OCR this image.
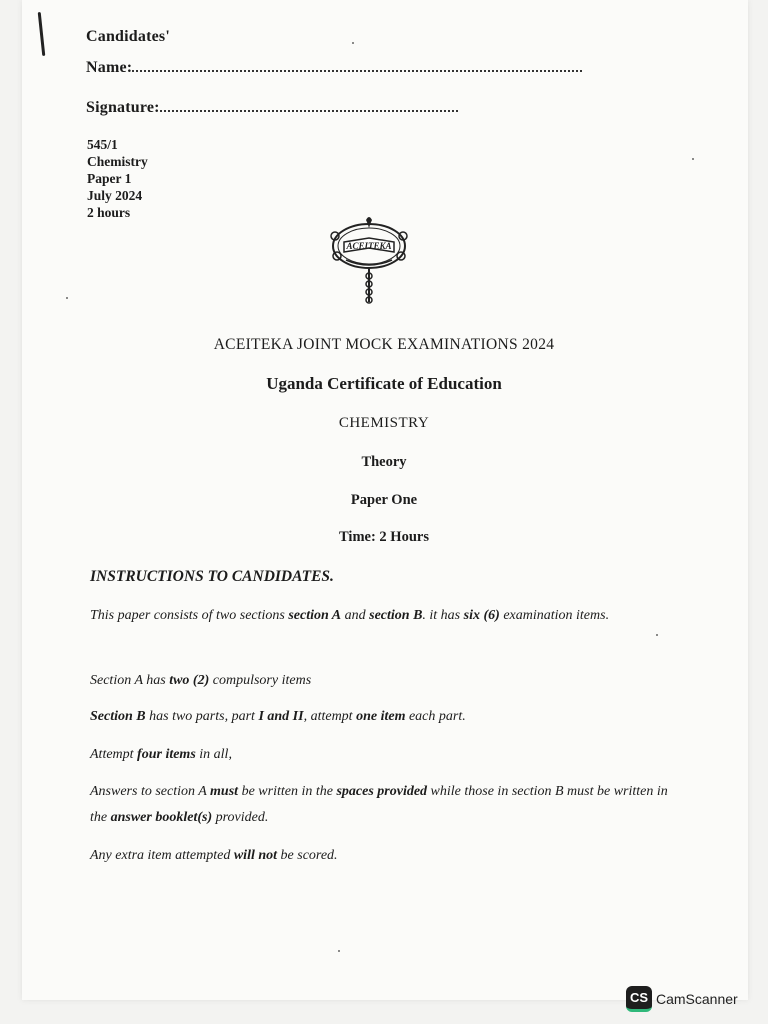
Candidates'
Name:
Signature:
545/1
Chemistry
Paper 1
July 2024
2 hours
ACEITEKA
ACEITEKA JOINT MOCK EXAMINATIONS 2024
Uganda Certificate of Education
CHEMISTRY
Theory
Paper One
Time: 2 Hours
INSTRUCTIONS TO CANDIDATES.
This paper consists of two sections section A and section B. it has six (6) examination items.
Section A has two (2) compulsory items
Section B has two parts, part I and II, attempt one item each part.
Attempt four items in all,
Answers to section A must be written in the spaces provided while those in section B must be written in the answer booklet(s) provided.
Any extra item attempted will not be scored.
CS CamScanner
